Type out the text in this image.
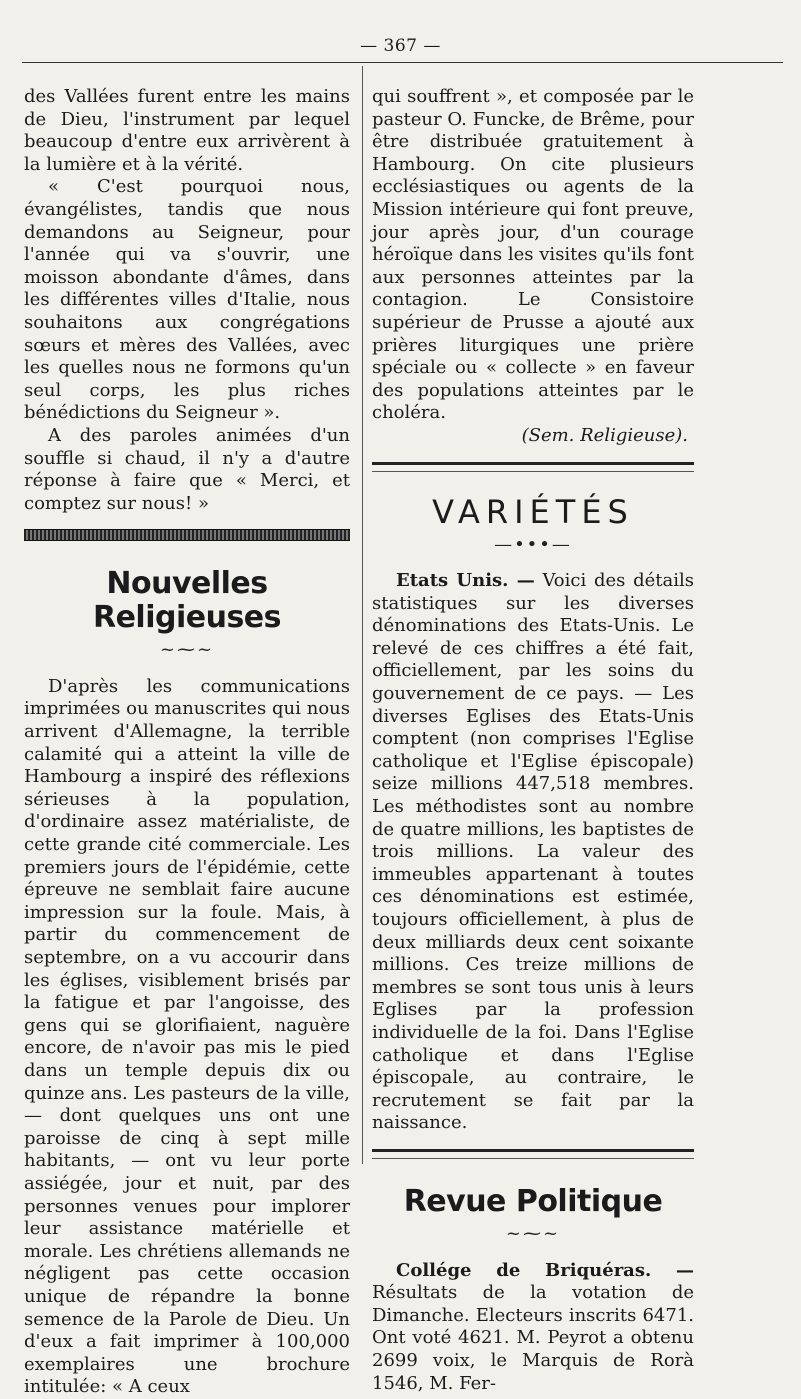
— 367 —

des Vallées furent entre les mains de Dieu, l'instrument par lequel beaucoup d'entre eux arrivèrent à la lumière et à la vérité.

« C'est pourquoi nous, évangélistes, tandis que nous demandons au Seigneur, pour l'année qui va s'ouvrir, une moisson abondante d'âmes, dans les différentes villes d'Italie, nous souhaitons aux congrégations sœurs et mères des Vallées, avec les quelles nous ne formons qu'un seul corps, les plus riches bénédictions du Seigneur ».

A des paroles animées d'un souffle si chaud, il n'y a d'autre réponse à faire que « Merci, et comptez sur nous! »

Nouvelles Religieuses
~⁓~

D'après les communications imprimées ou manuscrites qui nous arrivent d'Allemagne, la terrible calamité qui a atteint la ville de Hambourg a inspiré des réflexions sérieuses à la population, d'ordinaire assez matérialiste, de cette grande cité commerciale. Les premiers jours de l'épidémie, cette épreuve ne semblait faire aucune impression sur la foule. Mais, à partir du commencement de septembre, on a vu accourir dans les églises, visiblement brisés par la fatigue et par l'angoisse, des gens qui se glorifiaient, naguère encore, de n'avoir pas mis le pied dans un temple depuis dix ou quinze ans. Les pasteurs de la ville, — dont quelques uns ont une paroisse de cinq à sept mille habitants, — ont vu leur porte assiégée, jour et nuit, par des personnes venues pour implorer leur assistance matérielle et morale. Les chrétiens allemands ne négligent pas cette occasion unique de répandre la bonne semence de la Parole de Dieu. Un d'eux a fait imprimer à 100,000 exemplaires une brochure intitulée: « A ceux

qui souffrent », et composée par le pasteur O. Funcke, de Brême, pour être distribuée gratuitement à Hambourg. On cite plusieurs ecclésiastiques ou agents de la Mission intérieure qui font preuve, jour après jour, d'un courage héroïque dans les visites qu'ils font aux personnes atteintes par la contagion. Le Consistoire supérieur de Prusse a ajouté aux prières liturgiques une prière spéciale ou « collecte » en faveur des populations atteintes par le choléra.

(Sem. Religieuse).
VARIÉTÉS
—•••—

Etats Unis. — Voici des détails statistiques sur les diverses dénominations des Etats-Unis. Le relevé de ces chiffres a été fait, officiellement, par les soins du gouvernement de ce pays. — Les diverses Eglises des Etats-Unis comptent (non comprises l'Eglise catholique et l'Eglise épiscopale) seize millions 447,518 membres. Les méthodistes sont au nombre de quatre millions, les baptistes de trois millions. La valeur des immeubles appartenant à toutes ces dénominations est estimée, toujours officiellement, à plus de deux milliards deux cent soixante millions. Ces treize millions de membres se sont tous unis à leurs Eglises par la profession individuelle de la foi. Dans l'Eglise catholique et dans l'Eglise épiscopale, au contraire, le recrutement se fait par la naissance.

Revue Politique
~⁓~

Collége de Briquéras. — Résultats de la votation de Dimanche. Electeurs inscrits 6471. Ont voté 4621. M. Peyrot a obtenu 2699 voix, le Marquis de Rorà 1546, M. Fer-
